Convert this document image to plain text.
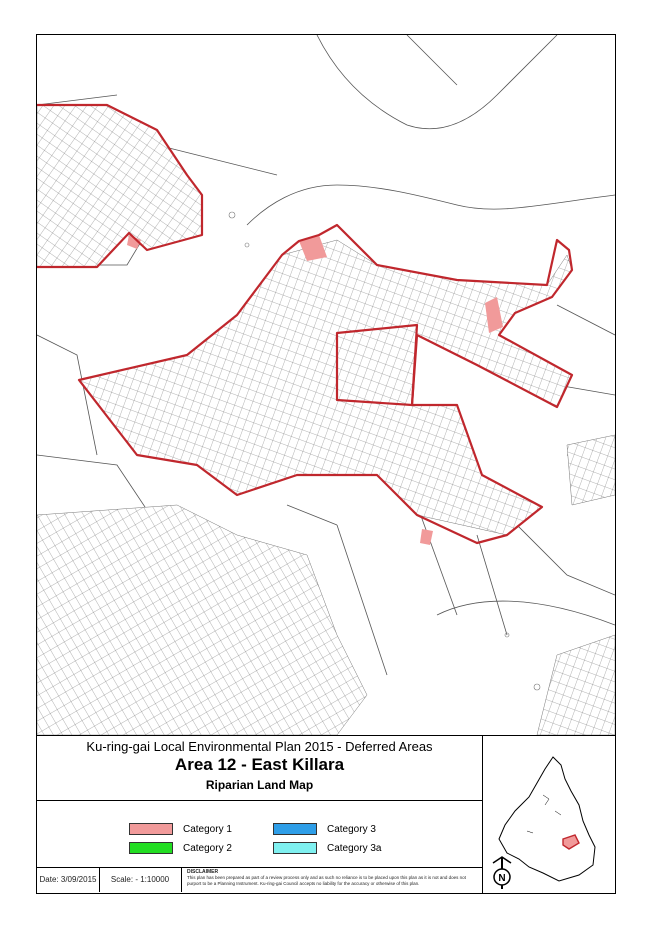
Ku-ring-gai Local Environmental Plan 2015 - Deferred Areas
Area 12 - East Killara
Riparian Land Map
Category 1
Category 2
Category 3
Category 3a
Date: 3/09/2015	Scale: - 1:10000
DISCLAIMER
This plan has been prepared as part of a review process only and as such no reliance is to be placed upon this plan as it is not and does not purport to be a Planning Instrument. Ku-ring-gai Council accepts no liability for the accuracy or otherwise of this plan.	N
